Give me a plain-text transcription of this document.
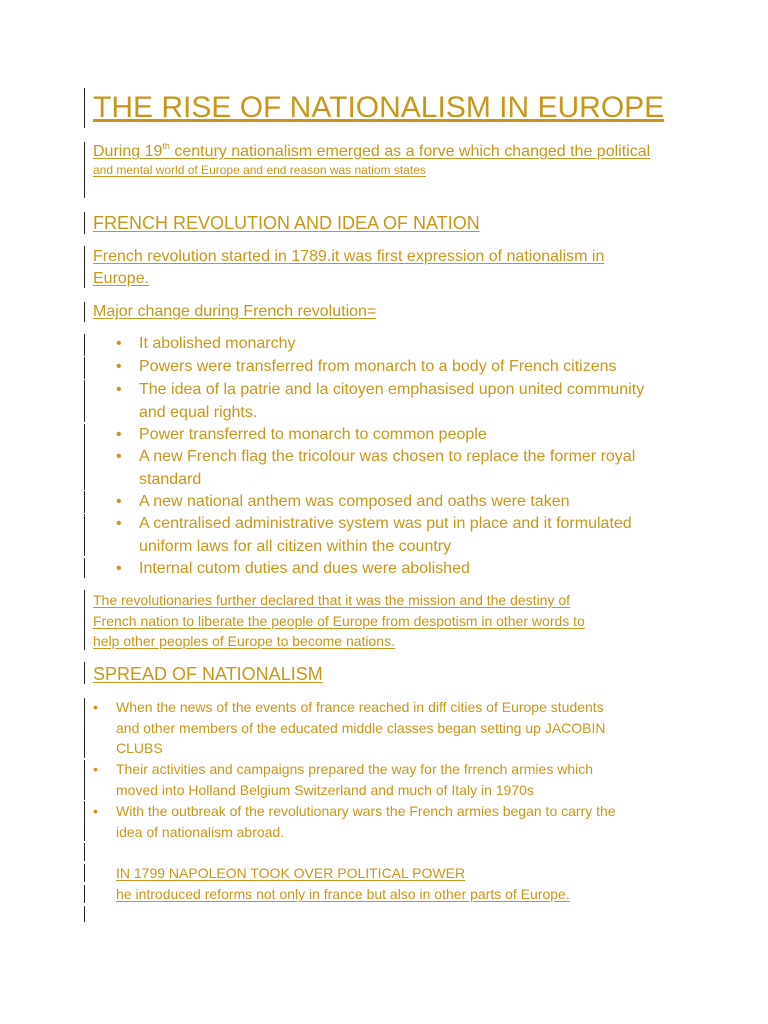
THE RISE OF NATIONALISM IN EUROPE
During 19th century nationalism emerged as a forve which changed the political
and mental world of Europe and end reason was natiom states
FRENCH REVOLUTION AND IDEA OF NATION
French revolution started in 1789.it was first expression of nationalism in
Europe.
Major change during French revolution=
• It abolished monarchy
• Powers were transferred from monarch to a body of French citizens
• The idea of la patrie and la citoyen emphasised upon united community
and equal rights.
• Power transferred to monarch to common people
• A new French flag the tricolour was chosen to replace the former royal
standard
• A new national anthem was composed and oaths were taken
• A centralised administrative system was put in place and it formulated
uniform laws for all citizen within the country
• Internal cutom duties and dues were abolished
The revolutionaries further declared that it was the mission and the destiny of
French nation to liberate the people of Europe from despotism in other words to
help other peoples of Europe to become nations.
SPREAD OF NATIONALISM
• When the news of the events of france reached in diff cities of Europe students
and other members of the educated middle classes began setting up JACOBIN
CLUBS
• Their activities and campaigns prepared the way for the frrench armies which
moved into Holland Belgium Switzerland and much of Italy in 1970s
• With the outbreak of the revolutionary wars the French armies began to carry the
idea of nationalism abroad.
IN 1799 NAPOLEON TOOK OVER POLITICAL POWER
he introduced reforms not only in france but also in other parts of Europe.
